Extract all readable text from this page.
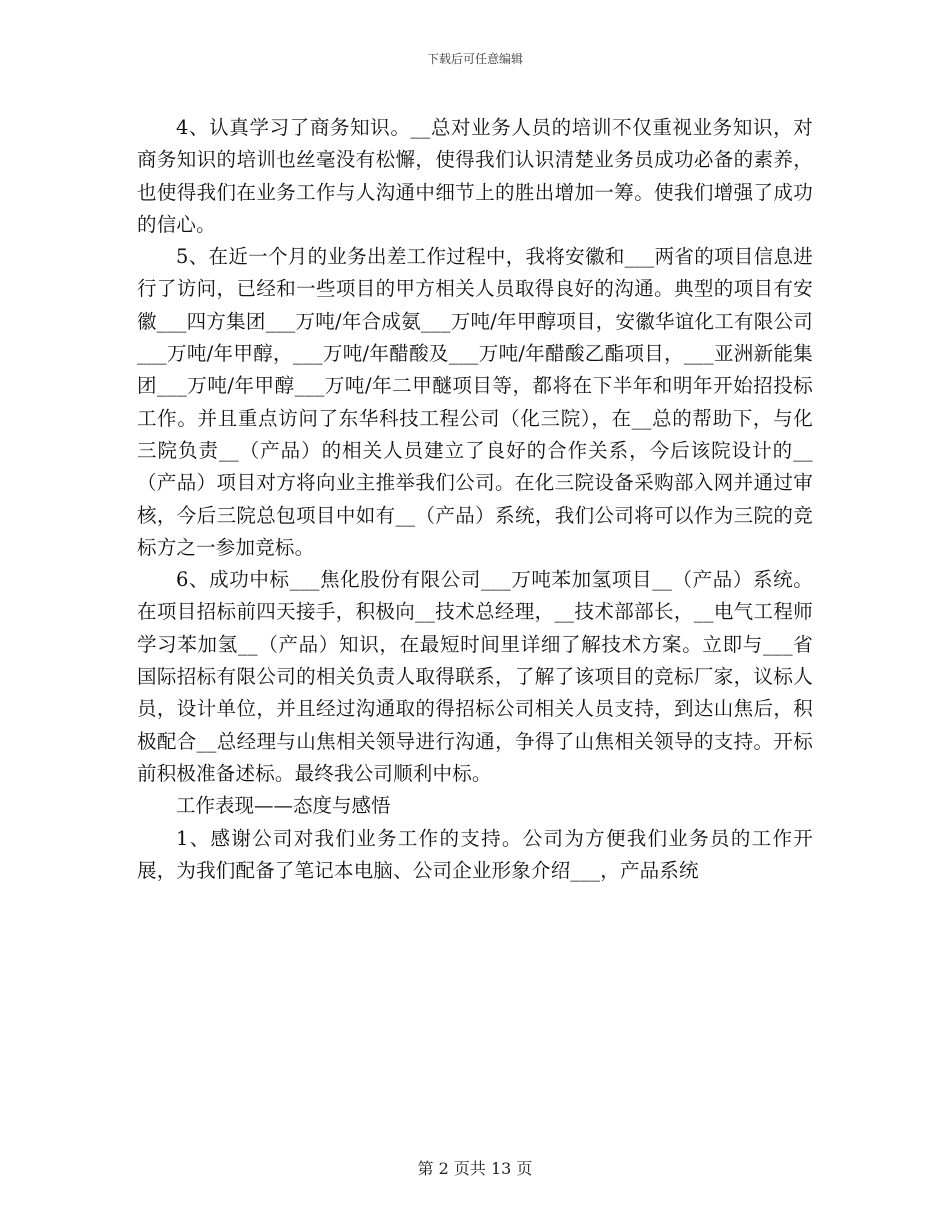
下载后可任意编辑

4、认真学习了商务知识。__总对业务人员的培训不仅重视业务知识，对商务知识的培训也丝毫没有松懈，使得我们认识清楚业务员成功必备的素养，也使得我们在业务工作与人沟通中细节上的胜出增加一筹。使我们增强了成功的信心。

5、在近一个月的业务出差工作过程中，我将安徽和___两省的项目信息进行了访问，已经和一些项目的甲方相关人员取得良好的沟通。典型的项目有安徽___四方集团___万吨/年合成氨___万吨/年甲醇项目，安徽华谊化工有限公司___万吨/年甲醇，___万吨/年醋酸及___万吨/年醋酸乙酯项目，___亚洲新能集团___万吨/年甲醇___万吨/年二甲醚项目等，都将在下半年和明年开始招投标工作。并且重点访问了东华科技工程公司（化三院），在__总的帮助下，与化三院负责__（产品）的相关人员建立了良好的合作关系，今后该院设计的__（产品）项目对方将向业主推举我们公司。在化三院设备采购部入网并通过审核，今后三院总包项目中如有__（产品）系统，我们公司将可以作为三院的竞标方之一参加竞标。

6、成功中标___焦化股份有限公司___万吨苯加氢项目__（产品）系统。在项目招标前四天接手，积极向__技术总经理，__技术部部长，__电气工程师学习苯加氢__（产品）知识，在最短时间里详细了解技术方案。立即与___省国际招标有限公司的相关负责人取得联系，了解了该项目的竞标厂家，议标人员，设计单位，并且经过沟通取的得招标公司相关人员支持，到达山焦后，积极配合__总经理与山焦相关领导进行沟通，争得了山焦相关领导的支持。开标前积极准备述标。最终我公司顺利中标。

工作表现——态度与感悟

1、感谢公司对我们业务工作的支持。公司为方便我们业务员的工作开展，为我们配备了笔记本电脑、公司企业形象介绍___，产品系统

第 2 页共 13 页
